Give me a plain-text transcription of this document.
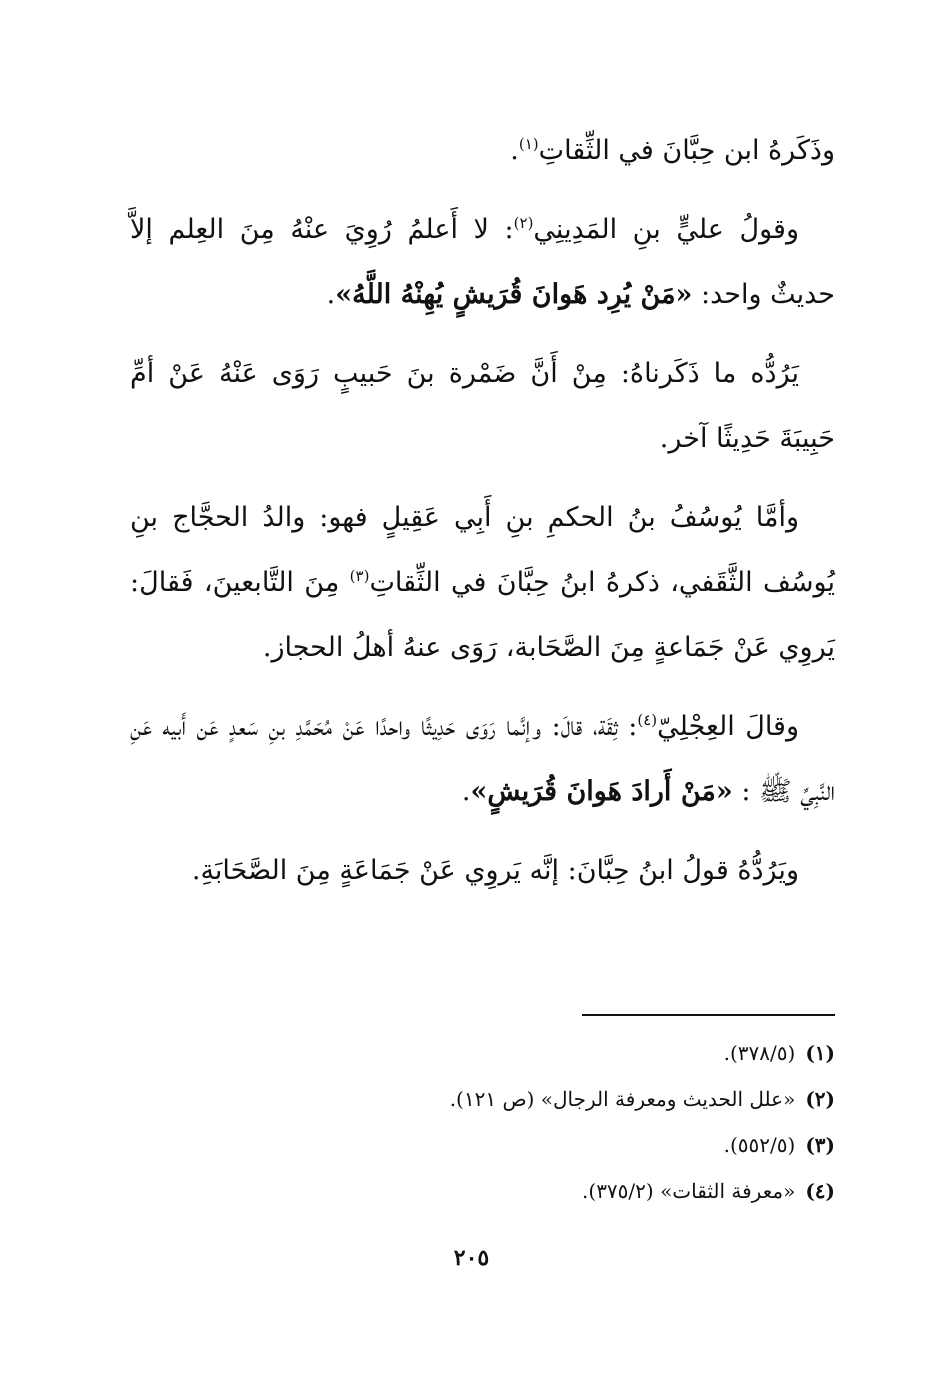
وذَكَرهُ ابن حِبَّانَ في الثِّقاتِ$^{(١)}$.

وقولُ عليٍّ بنِ المَدِينِي$^{(٢)}$: لا أَعلمُ رُوِيَ عنْهُ مِنَ العِلم إلاَّ حديثٌ واحد: «مَنْ يُرِد هَوانَ قُرَيشٍ يُهِنْهُ اللَّهُ».

يَرُدُّه ما ذَكَرناهُ: مِنْ أَنَّ ضَمْرة بنَ حَبيبٍ رَوَى عَنْهُ عَنْ أمِّ حَبِيبَةَ حَدِيثًا آخر.

وأمَّا يُوسُفُ بنُ الحكمِ بنِ أَبِي عَقِيلٍ فهو: والدُ الحجَّاج بنِ يُوسُف الثَّقَفي، ذكرهُ ابنُ حِبَّانَ في الثِّقاتِ$^{(٣)}$ مِنَ التَّابعينَ، فَقالَ: يَروِي عَنْ جَمَاعةٍ مِنَ الصَّحَابة، رَوَى عنهُ أهلُ الحجاز.

وقالَ العِجْلِيّ$^{(٤)}$: ثِقَة، قالَ: وإنَّما رَوَى حَدِيثًا واحدًا عَنْ مُحَمَّدِ بنِ سَعدٍ عَن أَبيه عَنِ النَّبِيِّ ﷺ : «مَنْ أَرادَ هَوانَ قُرَيشٍ».

ويَرُدُّهُ قولُ ابنُ حِبَّانَ: إنَّه يَروِي عَنْ جَمَاعَةٍ مِنَ الصَّحَابَةِ.

(١)(٣٧٨/٥).
(٢)«علل الحديث ومعرفة الرجال» (ص ١٢١).
(٣)(٥٥٢/٥).
(٤)«معرفة الثقات» (٣٧٥/٢).
٢٠٥
